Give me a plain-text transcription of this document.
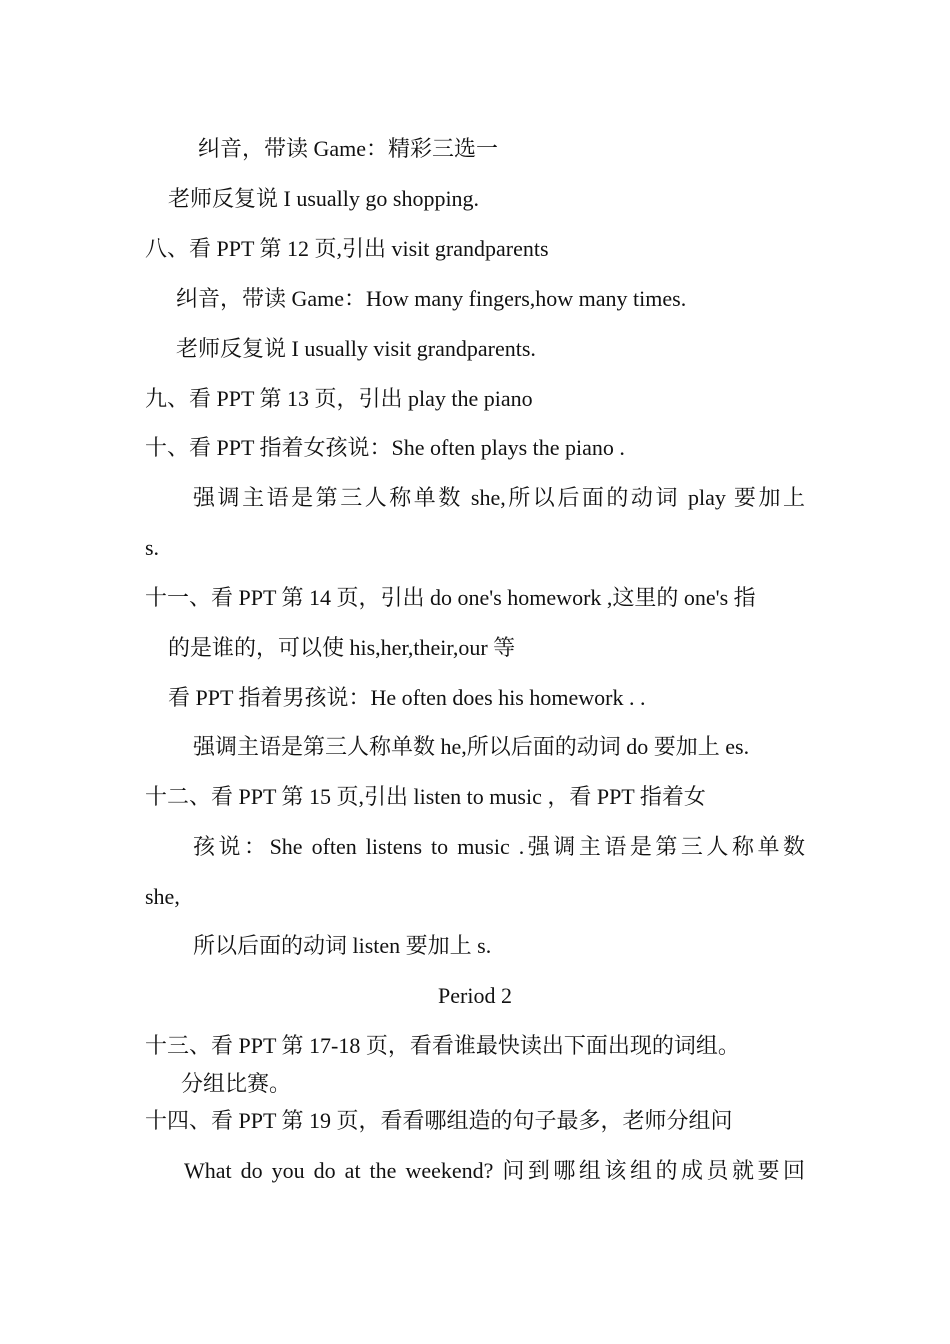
纠音，带读 Game：精彩三选一
老师反复说 I usually go shopping.
八、看 PPT 第 12 页,引出 visit grandparents
纠音，带读 Game：How many fingers,how many times.
老师反复说 I usually visit grandparents.
九、看 PPT 第 13 页，引出 play the piano
十、看 PPT 指着女孩说：She often plays the piano .
强调主语是第三人称单数 she,所以后面的动词 play 要加上
s.
十一、看 PPT 第 14 页，引出 do one's homework ,这里的 one's 指
的是谁的，可以使 his,her,their,our 等
看 PPT 指着男孩说：He often does his homework . .
强调主语是第三人称单数 he,所以后面的动词 do 要加上 es.
十二、看 PPT 第 15 页,引出 listen to music ，看 PPT 指着女
孩说：She often listens to music .强调主语是第三人称单数
she,
所以后面的动词 listen 要加上 s.
Period 2
十三、看 PPT 第 17-18 页，看看谁最快读出下面出现的词组。
分组比赛。
十四、看 PPT 第 19 页，看看哪组造的句子最多，老师分组问
What do you do at the weekend? 问到哪组该组的成员就要回
